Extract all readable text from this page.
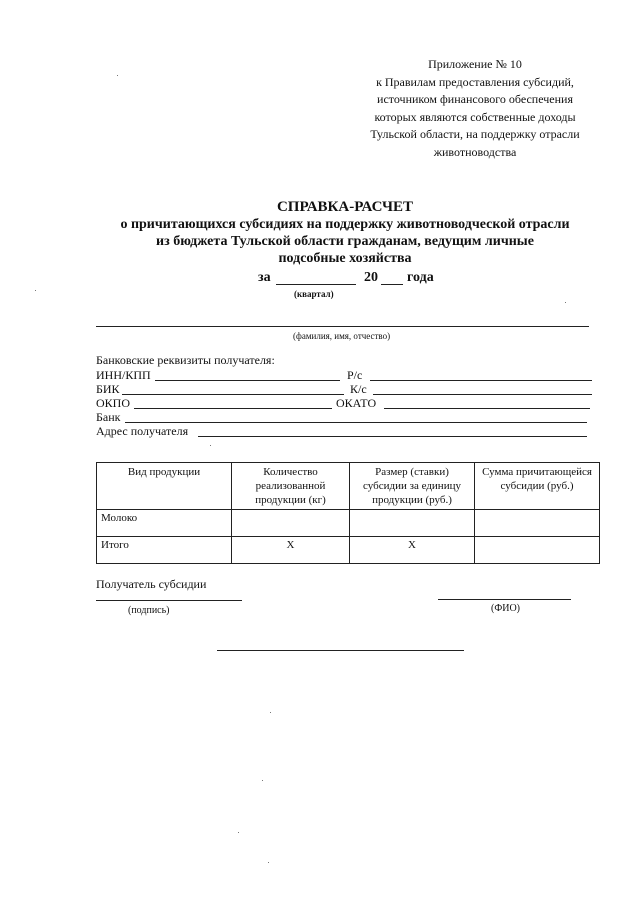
Приложение № 10
к Правилам предоставления субсидий,
источником финансового обеспечения
которых являются собственные доходы
Тульской области, на поддержку отрасли
животноводства
СПРАВКА-РАСЧЕТ
о причитающихся субсидиях на поддержку животноводческой отрасли
из бюджета Тульской области гражданам, ведущим личные
подсобные хозяйства
за	20 года
(квартал)
(фамилия, имя, отчество)
Банковские реквизиты получателя:
ИНН/КПП	Р/с
БИК	К/с
ОКПО	ОКАТО
Банк
Адрес получателя
Вид продукции	Количество реализованной продукции (кг)	Размер (ставки) субсидии за единицу продукции (руб.)	Сумма причитающейся субсидии (руб.)
Молоко			
Итого	Х	Х	
Получатель субсидии
(подпись)	(ФИО)
